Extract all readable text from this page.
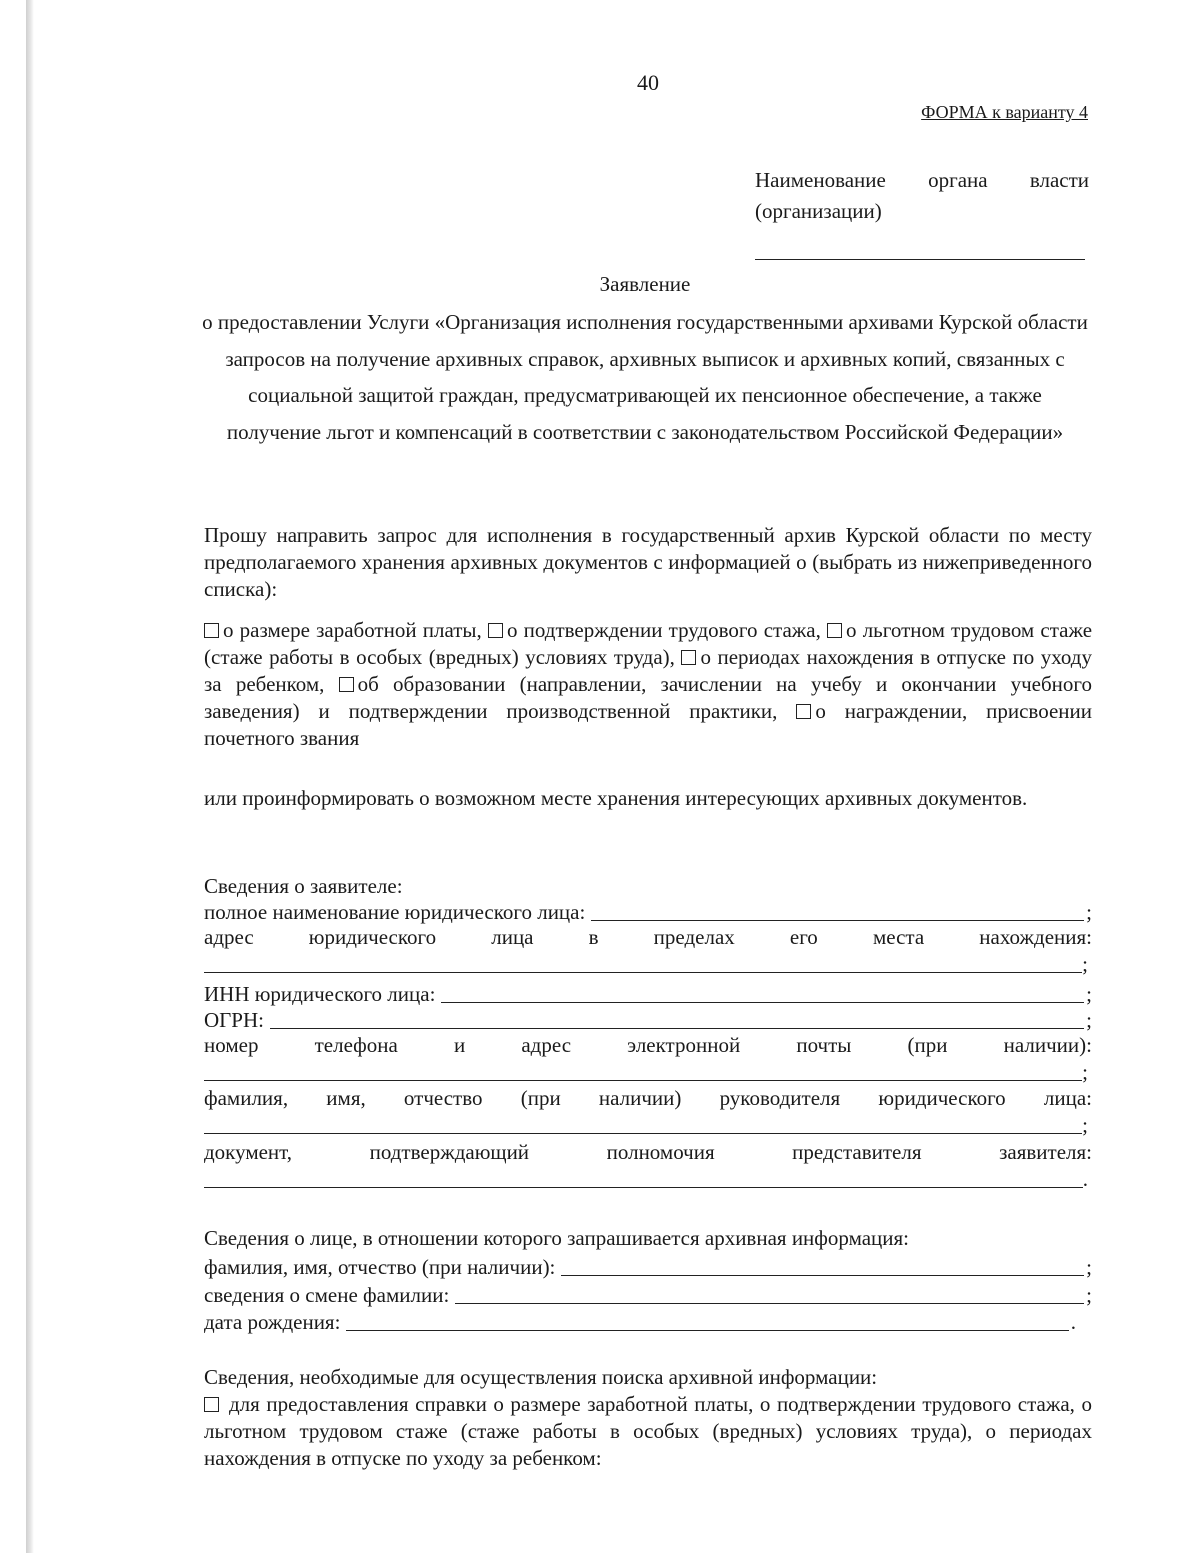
40
ФОРМА к варианту 4
Наименование органа власти
(организации)
Заявление
о предоставлении Услуги «Организация исполнения государственными архивами Курской области запросов на получение архивных справок, архивных выписок и архивных копий, связанных с социальной защитой граждан, предусматривающей их пенсионное обеспечение, а также получение льгот и компенсаций в соответствии с законодательством Российской Федерации»
Прошу направить запрос для исполнения в государственный архив Курской области по месту предполагаемого хранения архивных документов с информацией о (выбрать из нижеприведенного списка):
о размере заработной платы, о подтверждении трудового стажа, о льготном трудовом стаже (стаже работы в особых (вредных) условиях труда), о периодах нахождения в отпуске по уходу за ребенком, об образовании (направлении, зачислении на учебу и окончании учебного заведения) и подтверждении производственной практики, о награждении, присвоении почетного звания
или проинформировать о возможном месте хранения интересующих архивных документов.
Сведения о заявителе:
полное наименование юридического лица:	;
адрес юридического лица в пределах его места нахождения:
;
ИНН юридического лица:	;
ОГРН:	;
номер телефона и адрес электронной почты (при наличии):
;
фамилия, имя, отчество (при наличии) руководителя юридического лица:
;
документ, подтверждающий полномочия представителя заявителя:
.
Сведения о лице, в отношении которого запрашивается архивная информация:
фамилия, имя, отчество (при наличии):	;
сведения о смене фамилии:	;
дата рождения:	.
Сведения, необходимые для осуществления поиска архивной информации:
для предоставления справки о размере заработной платы, о подтверждении трудового стажа, о льготном трудовом стаже (стаже работы в особых (вредных) условиях труда), о периодах нахождения в отпуске по уходу за ребенком:
